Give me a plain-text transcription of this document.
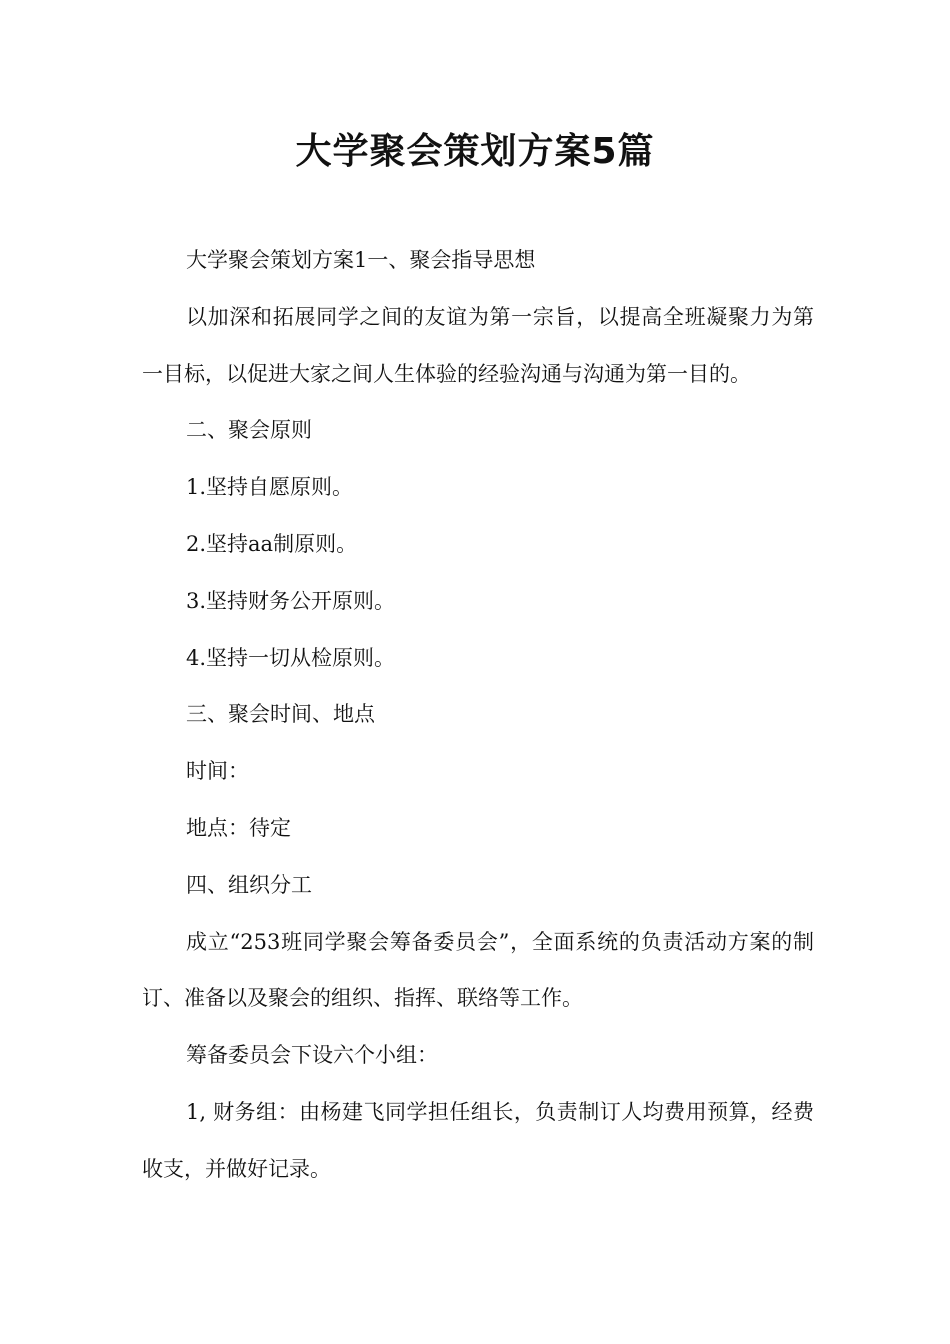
大学聚会策划方案5篇

大学聚会策划方案1一、聚会指导思想

以加深和拓展同学之间的友谊为第一宗旨，以提高全班凝聚力为第一目标，以促进大家之间人生体验的经验沟通与沟通为第一目的。

二、聚会原则

1.坚持自愿原则。

2.坚持aa制原则。

3.坚持财务公开原则。

4.坚持一切从检原则。

三、聚会时间、地点

时间：

地点：待定

四、组织分工

成立“253班同学聚会筹备委员会”，全面系统的负责活动方案的制订、准备以及聚会的组织、指挥、联络等工作。

筹备委员会下设六个小组：

1, 财务组：由杨建飞同学担任组长，负责制订人均费用预算，经费收支，并做好记录。
